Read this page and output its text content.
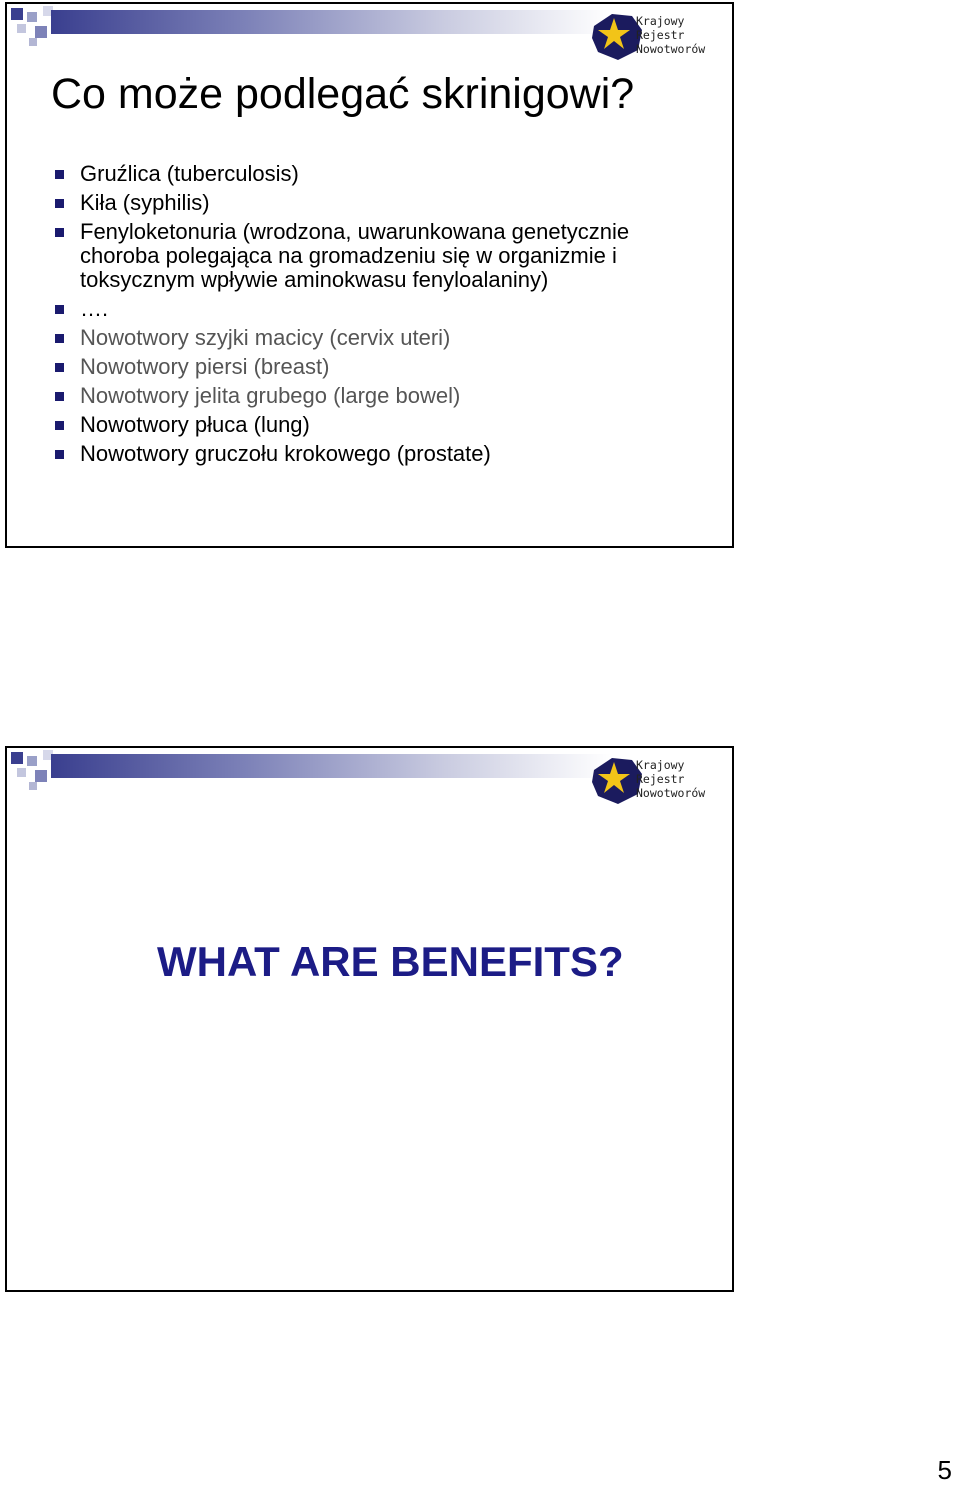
Krajowy
Rejestr
Nowotworów
Co może podlegać skrinigowi?
Gruźlica (tuberculosis)
Kiła (syphilis)
Fenyloketonuria (wrodzona, uwarunkowana genetycznie choroba polegająca na gromadzeniu się w organizmie i toksycznym wpływie aminokwasu fenyloalaniny)
….
Nowotwory szyjki macicy (cervix uteri)
Nowotwory piersi (breast)
Nowotwory jelita grubego (large bowel)
Nowotwory płuca (lung)
Nowotwory gruczołu krokowego (prostate)
Krajowy
Rejestr
Nowotworów
WHAT ARE BENEFITS?
5
